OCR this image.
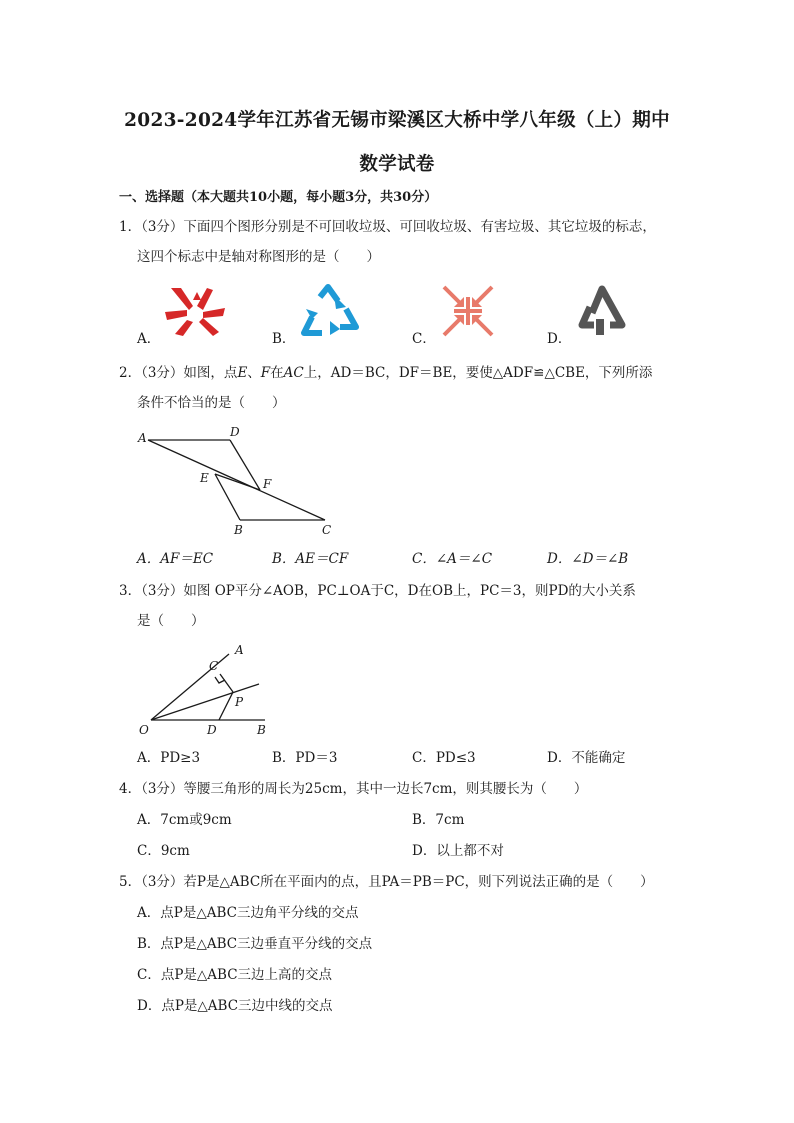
2023-2024学年江苏省无锡市梁溪区大桥中学八年级（上）期中
数学试卷
一、选择题（本大题共10小题，每小题3分，共30分）
1．（3分）下面四个图形分别是不可回收垃圾、可回收垃圾、有害垃圾、其它垃圾的标志，
这四个标志中是轴对称图形的是（　　）
A．	B．	C．	D．
2．（3分）如图，点E、F在AC上，AD＝BC，DF＝BE，要使△ADF≌△CBE，下列所添
条件不恰当的是（　　）
A	D
E	F
B	C
A．AF＝EC	B．AE＝CF	C．∠A＝∠C	D．∠D＝∠B
3．（3分）如图 OP平分∠AOB，PC⊥OA于C，D在OB上，PC＝3，则PD的大小关系
是（　　）
A
C
P
O	D	B
A．PD≥3	B．PD＝3	C．PD≤3	D．不能确定
4．（3分）等腰三角形的周长为25cm，其中一边长7cm，则其腰长为（　　）
A．7cm或9cm	B．7cm
C．9cm	D．以上都不对
5．（3分）若P是△ABC所在平面内的点，且PA＝PB＝PC，则下列说法正确的是（　　）
A．点P是△ABC三边角平分线的交点
B．点P是△ABC三边垂直平分线的交点
C．点P是△ABC三边上高的交点
D．点P是△ABC三边中线的交点
